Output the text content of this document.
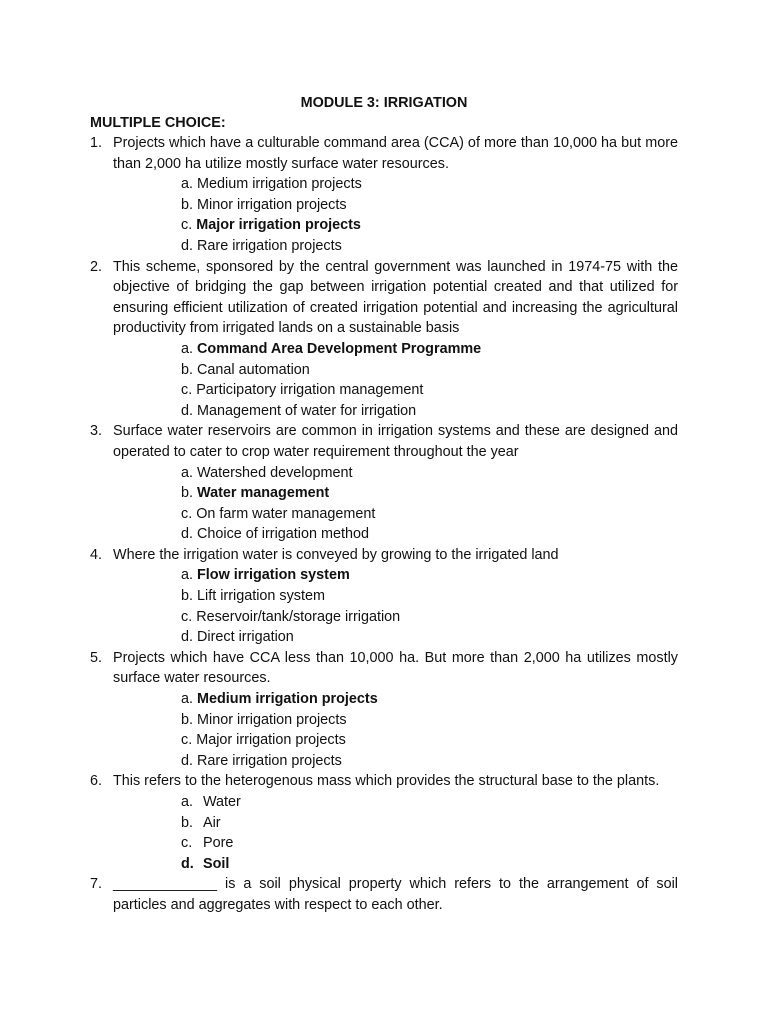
MODULE 3: IRRIGATION
MULTIPLE CHOICE:
1. Projects which have a culturable command area (CCA) of more than 10,000 ha but more than 2,000 ha utilize mostly surface water resources.
a. Medium irrigation projects
b. Minor irrigation projects
c. Major irrigation projects
d. Rare irrigation projects
2. This scheme, sponsored by the central government was launched in 1974-75 with the objective of bridging the gap between irrigation potential created and that utilized for ensuring efficient utilization of created irrigation potential and increasing the agricultural productivity from irrigated lands on a sustainable basis
a. Command Area Development Programme
b. Canal automation
c. Participatory irrigation management
d. Management of water for irrigation
3. Surface water reservoirs are common in irrigation systems and these are designed and operated to cater to crop water requirement throughout the year
a. Watershed development
b. Water management
c. On farm water management
d. Choice of irrigation method
4. Where the irrigation water is conveyed by growing to the irrigated land
a. Flow irrigation system
b. Lift irrigation system
c. Reservoir/tank/storage irrigation
d. Direct irrigation
5. Projects which have CCA less than 10,000 ha. But more than 2,000 ha utilizes mostly surface water resources.
a. Medium irrigation projects
b. Minor irrigation projects
c. Major irrigation projects
d. Rare irrigation projects
6. This refers to the heterogenous mass which provides the structural base to the plants.
a. Water
b. Air
c. Pore
d. Soil
7. _____________ is a soil physical property which refers to the arrangement of soil particles and aggregates with respect to each other.
